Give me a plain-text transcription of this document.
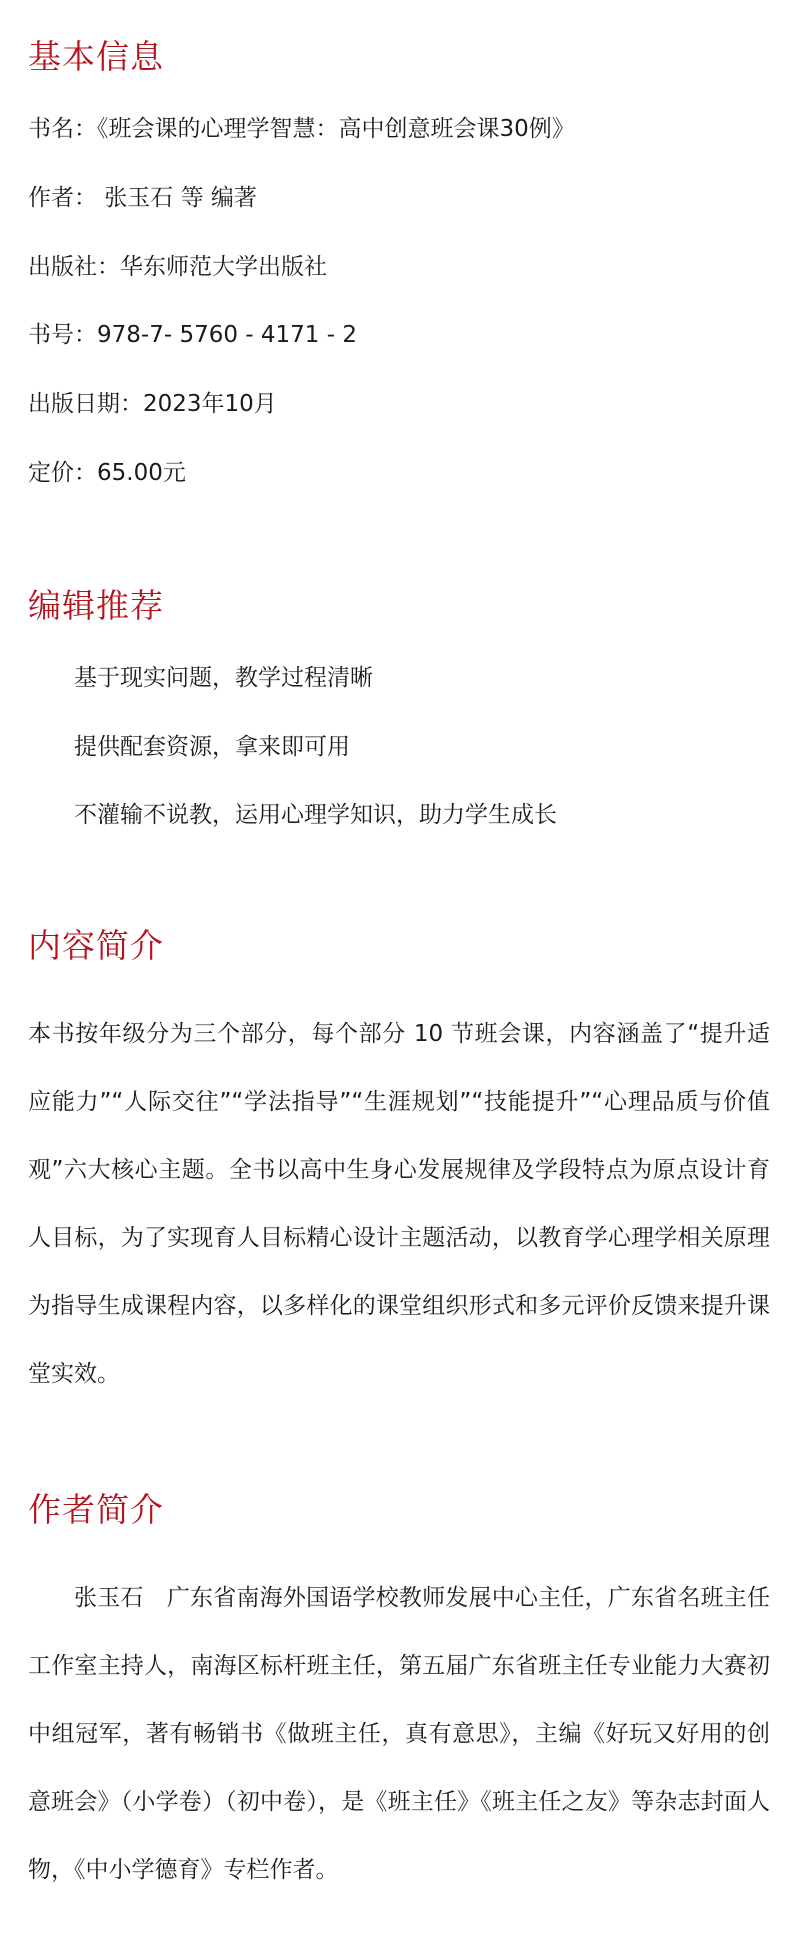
基本信息

书名：《班会课的心理学智慧：高中创意班会课30例》

作者： 张玉石 等 编著

出版社：华东师范大学出版社

书号：978-7- 5760 - 4171 - 2

出版日期：2023年10月

定价：65.00元

编辑推荐

基于现实问题，教学过程清晰

提供配套资源，拿来即可用

不灌输不说教，运用心理学知识，助力学生成长

内容简介

本书按年级分为三个部分，每个部分 10 节班会课，内容涵盖了“提升适应能力”“人际交往”“学法指导”“生涯规划”“技能提升”“心理品质与价值观”六大核心主题。全书以高中生身心发展规律及学段特点为原点设计育人目标，为了实现育人目标精心设计主题活动，以教育学心理学相关原理为指导生成课程内容，以多样化的课堂组织形式和多元评价反馈来提升课堂实效。

作者简介

张玉石　广东省南海外国语学校教师发展中心主任，广东省名班主任工作室主持人，南海区标杆班主任，第五届广东省班主任专业能力大赛初中组冠军，著有畅销书《做班主任，真有意思》，主编《好玩又好用的创意班会》（小学卷）（初中卷），是《班主任》《班主任之友》等杂志封面人物，《中小学德育》专栏作者。
